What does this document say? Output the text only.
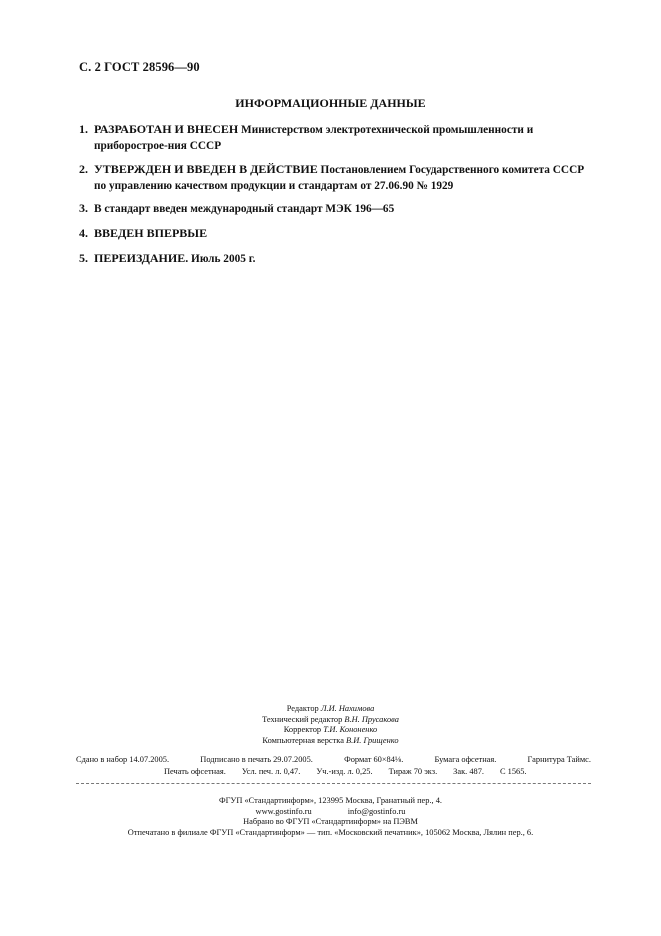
С. 2 ГОСТ 28596—90
ИНФОРМАЦИОННЫЕ ДАННЫЕ
1. РАЗРАБОТАН И ВНЕСЕН Министерством электротехнической промышленности и приборострое-ния СССР
2. УТВЕРЖДЕН И ВВЕДЕН В ДЕЙСТВИЕ Постановлением Государственного комитета СССР по управлению качеством продукции и стандартам от 27.06.90 № 1929
3. В стандарт введен международный стандарт МЭК 196—65
4. ВВЕДЕН ВПЕРВЫЕ
5. ПЕРЕИЗДАНИЕ. Июль 2005 г.
Редактор Л.И. Нахимова
Технический редактор В.Н. Прусакова
Корректор Т.И. Кононенко
Компьютерная верстка В.И. Грищенко
Сдано в набор 14.07.2005.	Подписано в печать 29.07.2005.	Формат 60×84⅛.	Бумага офсетная.	Гарнитура Таймс.
Печать офсетная. Усл. печ. л. 0,47. Уч.-изд. л. 0,25. Тираж 70 экз. Зак. 487. С 1565.
ФГУП «Стандартинформ», 123995 Москва, Гранатный пер., 4.
www.gostinfo.ru	info@gostinfo.ru
Набрано во ФГУП «Стандартинформ» на ПЭВМ
Отпечатано в филиале ФГУП «Стандартинформ» — тип. «Московский печатник», 105062 Москва, Лялин пер., 6.
